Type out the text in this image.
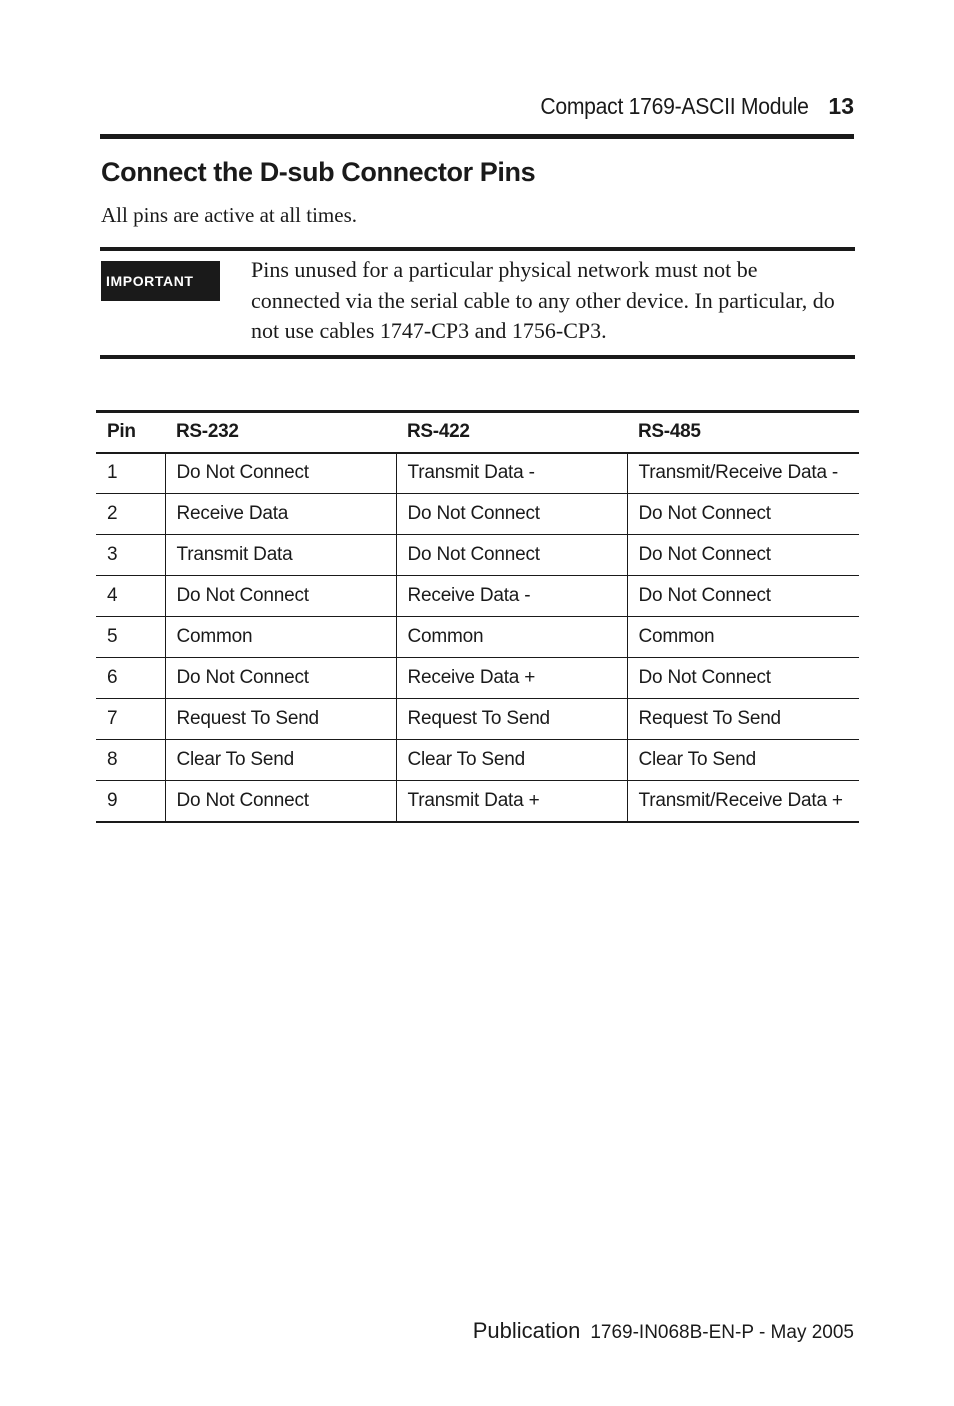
Compact 1769-ASCII Module 13
Connect the D-sub Connector Pins

All pins are active at all times.

IMPORTANT	Pins unused for a particular physical network must not be connected via the serial cable to any other device. In particular, do not use cables 1747-CP3 and 1756-CP3.

Pin	RS-232	RS-422	RS-485
1	Do Not Connect	Transmit Data -	Transmit/Receive Data -
2	Receive Data	Do Not Connect	Do Not Connect
3	Transmit Data	Do Not Connect	Do Not Connect
4	Do Not Connect	Receive Data -	Do Not Connect
5	Common	Common	Common
6	Do Not Connect	Receive Data +	Do Not Connect
7	Request To Send	Request To Send	Request To Send
8	Clear To Send	Clear To Send	Clear To Send
9	Do Not Connect	Transmit Data +	Transmit/Receive Data +
Publication 1769-IN068B-EN-P - May 2005
